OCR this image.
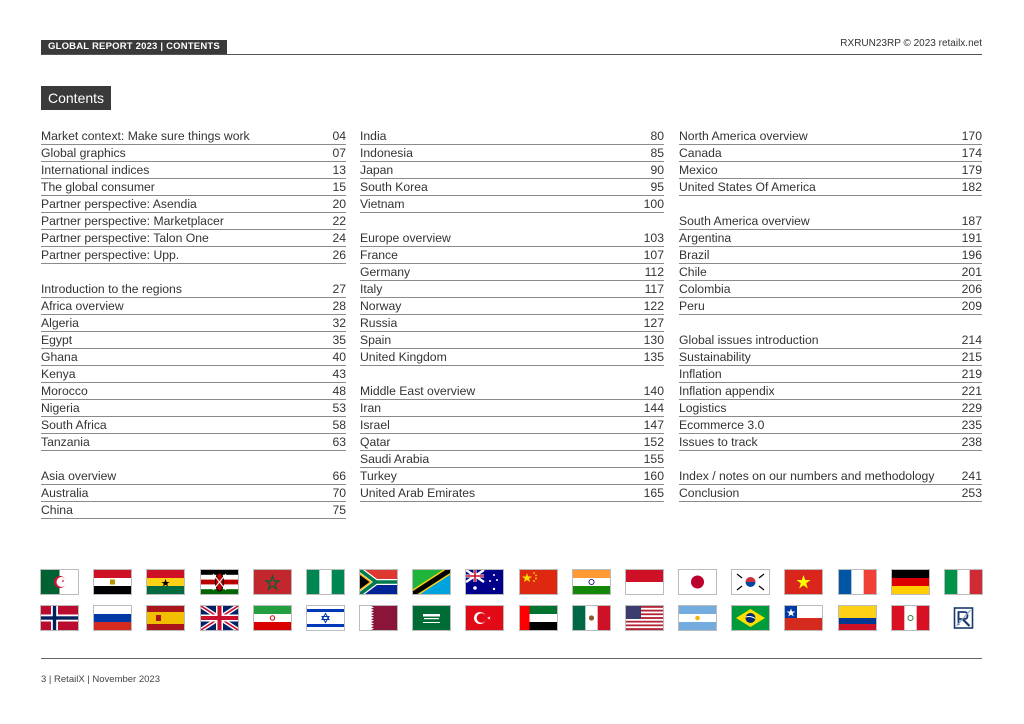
GLOBAL REPORT 2023 | CONTENTS	RXRUN23RP © 2023 retailx.net
Contents
Market context: Make sure things work	04
Global graphics	07
International indices	13
The global consumer	15
Partner perspective: Asendia	20
Partner perspective: Marketplacer	22
Partner perspective: Talon One	24
Partner perspective: Upp.	26
Introduction to the regions	27
Africa overview	28
Algeria	32
Egypt	35
Ghana	40
Kenya	43
Morocco	48
Nigeria	53
South Africa	58
Tanzania	63
Asia overview	66
Australia	70
China	75
India	80
Indonesia	85
Japan	90
South Korea	95
Vietnam	100
Europe overview	103
France	107
Germany	112
Italy	117
Norway	122
Russia	127
Spain	130
United Kingdom	135
Middle East overview	140
Iran	144
Israel	147
Qatar	152
Saudi Arabia	155
Turkey	160
United Arab Emirates	165
North America overview	170
Canada	174
Mexico	179
United States Of America	182
South America overview	187
Argentina	191
Brazil	196
Chile	201
Colombia	206
Peru	209
Global issues introduction	214
Sustainability	215
Inflation	219
Inflation appendix	221
Logistics	229
Ecommerce 3.0	235
Issues to track	238
Index / notes on our numbers and methodology 241
Conclusion	253
3 | RetailX | November 2023
